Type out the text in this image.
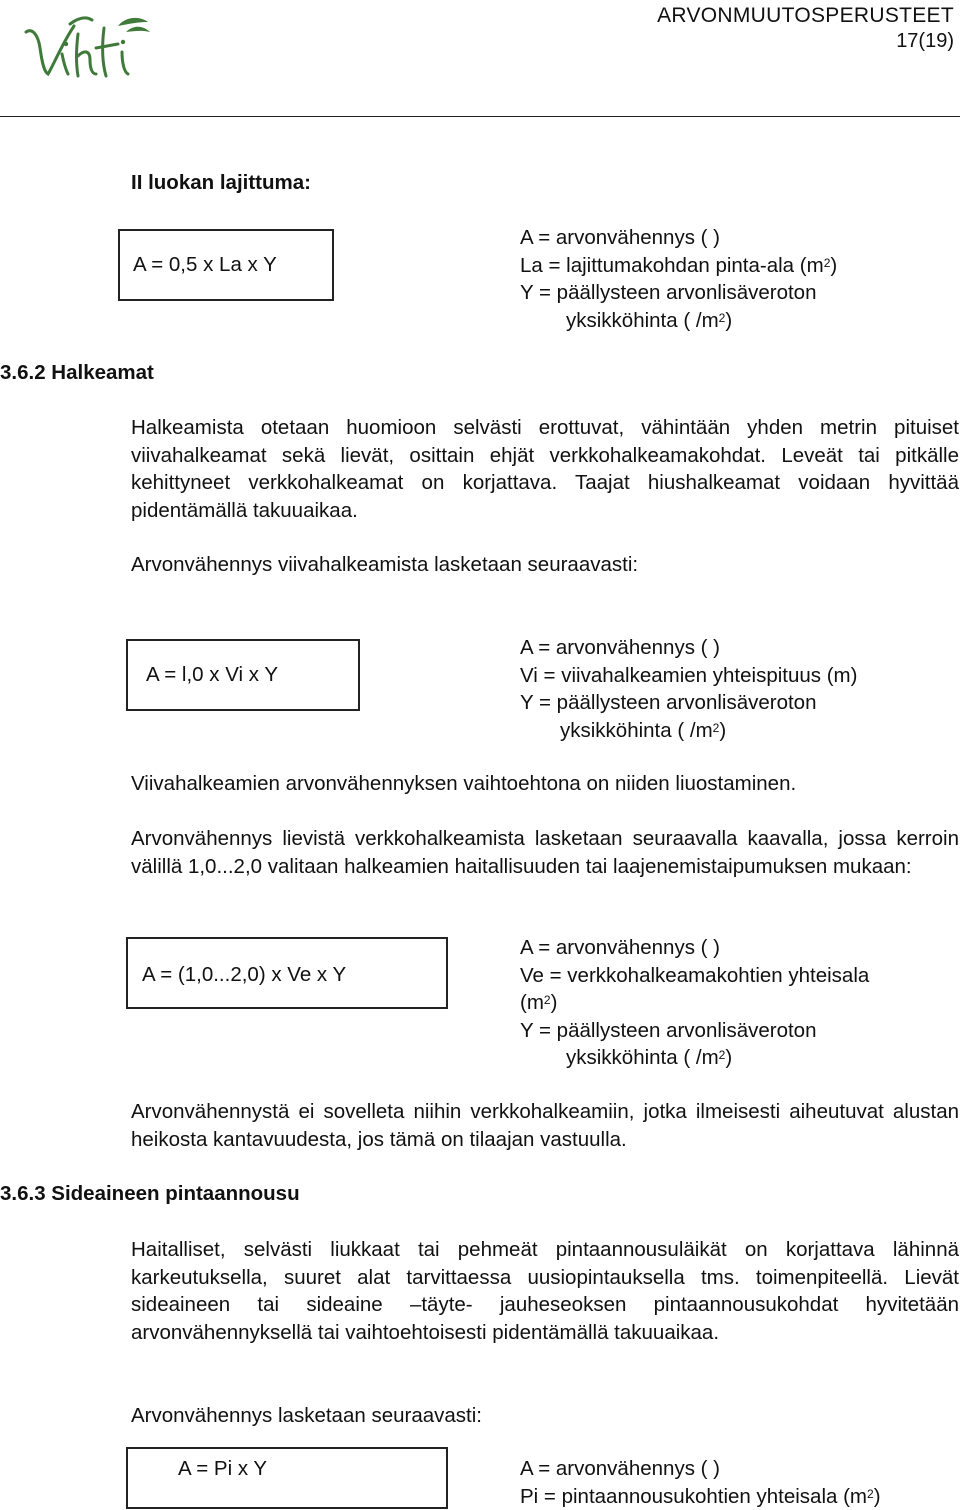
ARVONMUUTOSPERUSTEET
17(19)
II luokan lajittuma:
A = 0,5 x La x Y
A = arvonvähennys ( )
La = lajittumakohdan pinta-ala $(m^2)$
Y = päällysteen arvonlisäveroton
yksikköhinta ( $/m^2$)
3.6.2 Halkeamat
Halkeamista otetaan huomioon selvästi erottuvat, vähintään yhden metrin pituiset viivahalkeamat sekä lievät, osittain ehjät verkkohalkeamakohdat. Leveät tai pitkälle kehittyneet verkkohalkeamat on korjattava. Taajat hiushalkeamat voidaan hyvittää pidentämällä takuuaikaa.
Arvonvähennys viivahalkeamista lasketaan seuraavasti:
A = l,0 x Vi x Y
A = arvonvähennys ( )
Vi = viivahalkeamien yhteispituus (m)
Y = päällysteen arvonlisäveroton
yksikköhinta ( $/m^2$)
Viivahalkeamien arvonvähennyksen vaihtoehtona on niiden liuostaminen.
Arvonvähennys lievistä verkkohalkeamista lasketaan seuraavalla kaavalla, jossa kerroin välillä 1,0...2,0 valitaan halkeamien haitallisuuden tai laajenemistaipumuksen mukaan:
A = (1,0...2,0) x Ve x Y
A = arvonvähennys ( )
Ve = verkkohalkeamakohtien yhteisala
$(m^2)$
Y = päällysteen arvonlisäveroton
yksikköhinta ( $/m^2$)
Arvonvähennystä ei sovelleta niihin verkkohalkeamiin, jotka ilmeisesti aiheutuvat alustan heikosta kantavuudesta, jos tämä on tilaajan vastuulla.
3.6.3 Sideaineen pintaannousu
Haitalliset, selvästi liukkaat tai pehmeät pintaannousuläikät on korjattava lähinnä karkeutuksella, suuret alat tarvittaessa uusiopintauksella tms. toimenpiteellä. Lievät sideaineen tai sideaine –täyte- jauheseoksen pintaannousukohdat hyvitetään arvonvähennyksellä tai vaihtoehtoisesti pidentämällä takuuaikaa.
Arvonvähennys lasketaan seuraavasti:
A = Pi x Y	A = arvonvähennys ( )
Pi = pintaannousukohtien yhteisala $(m^2)$
